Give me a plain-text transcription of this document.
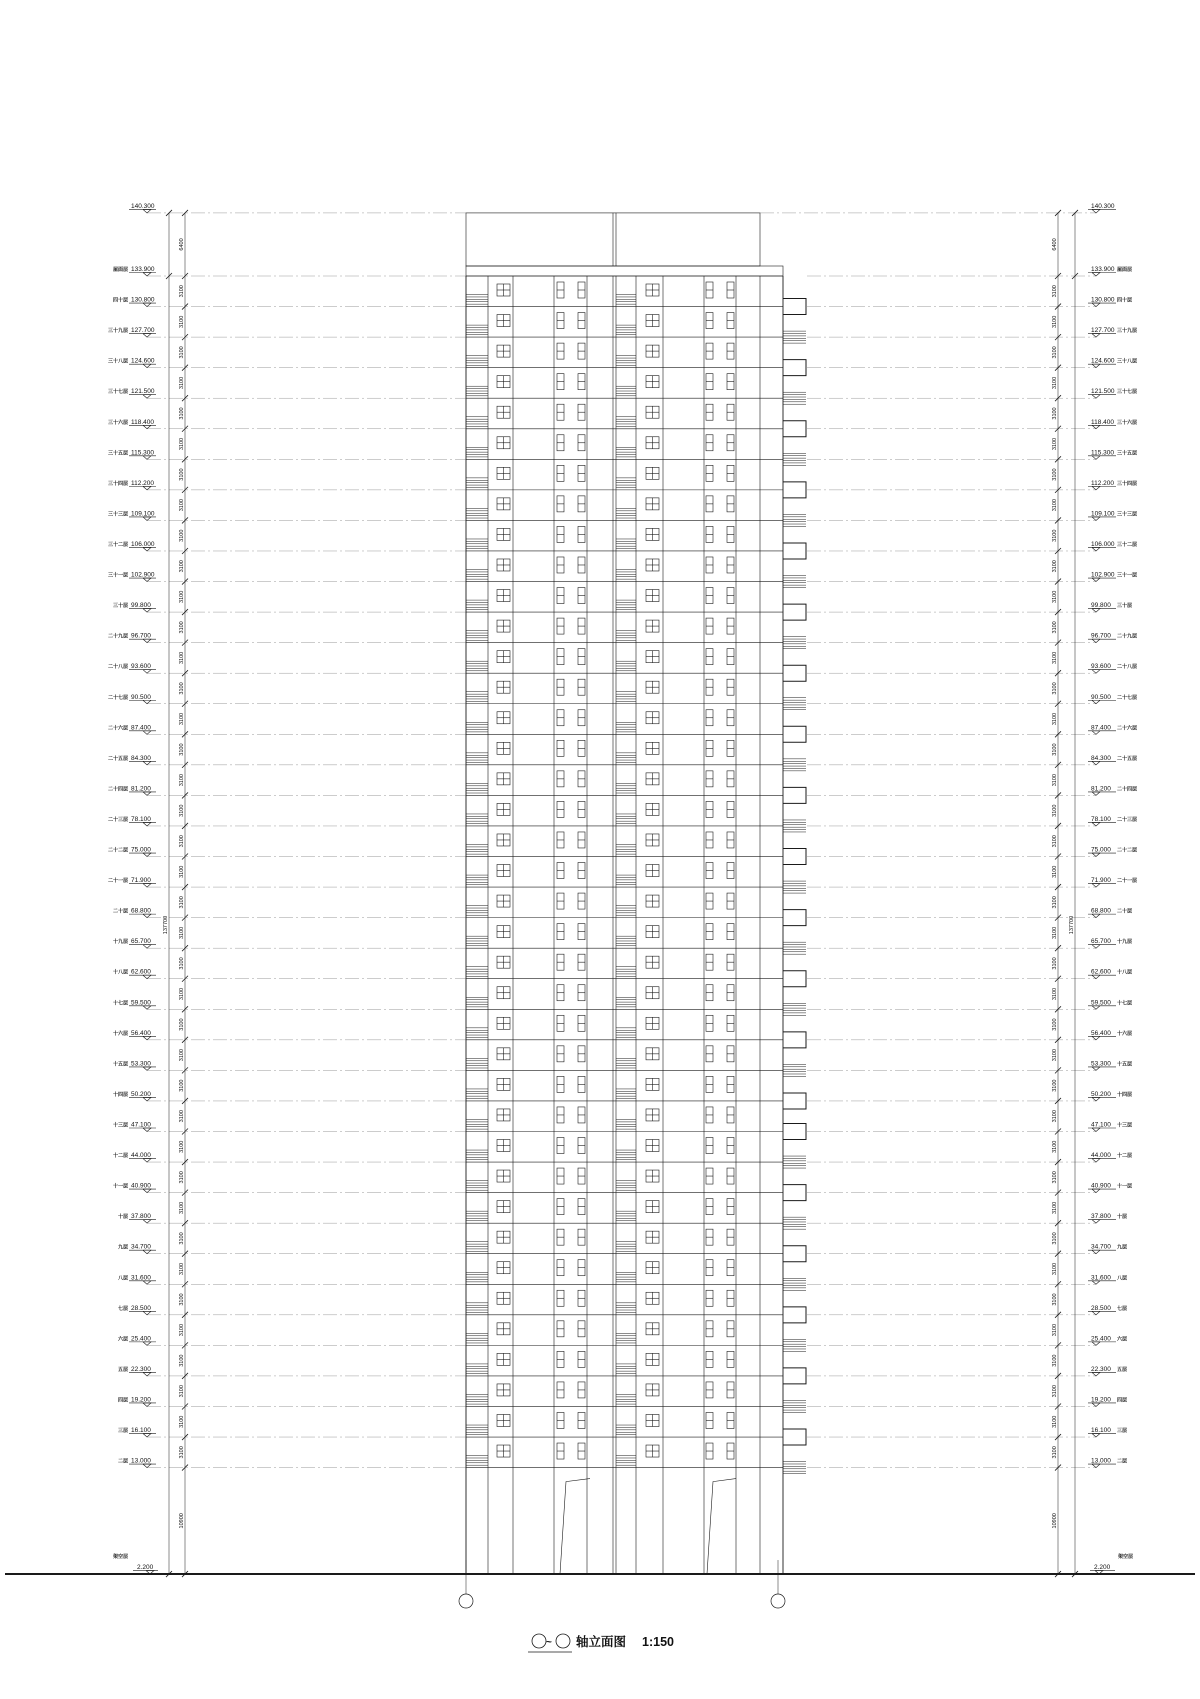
6400	6400
3100	3100
3100	3100
3100	3100
3100	3100
3100	3100
3100	3100
3100	3100
3100	3100
3100	3100
3100	3100
3100	3100
3100	3100
3100	3100
3100	3100
3100	3100
3100	3100
3100	3100
3100	3100
3100	3100
3100	3100
3100	3100
3100	3100
3100	3100
3100	3100
3100	3100
3100	3100
3100	3100
3100	3100
3100	3100
3100	3100
3100	3100
3100	3100
3100	3100
3100	3100
3100	3100
3100	3100
3100	3100
3100	3100
3100	3100
10900	10900
137700	137700
140.300
屋面层 133.900
四十层 130.800
三十九层 127.700
三十八层 124.600
三十七层 121.500
三十六层 118.400
三十五层 115.300
三十四层 112.200
三十三层 109.100
三十二层 106.000
三十一层 102.900
三十层 99.800
二十九层 96.700
二十八层 93.600
二十七层 90.500
二十六层 87.400
二十五层 84.300
二十四层 81.200
二十三层 78.100
二十二层 75.000
二十一层 71.900
二十层 68.800
十九层 65.700
十八层 62.600
十七层 59.500
十六层 56.400
十五层 53.300
十四层 50.200
十三层 47.100
十二层 44.000
十一层 40.900
十层 37.800
九层 34.700
八层 31.600
七层 28.500
六层 25.400
五层 22.300
四层 19.200
三层 16.100
二层 13.000
架空层
2.200
140.300
133.900 屋面层
130.800 四十层
127.700 三十九层
124.600 三十八层
121.500 三十七层
118.400 三十六层
115.300 三十五层
112.200 三十四层
109.100 三十三层
106.000 三十二层
102.900 三十一层
99.800 三十层
96.700 二十九层
93.600 二十八层
90.500 二十七层
87.400 二十六层
84.300 二十五层
81.200 二十四层
78.100 二十三层
75.000 二十二层
71.900 二十一层
68.800 二十层
65.700 十九层
62.600 十八层
59.500 十七层
56.400 十六层
53.300 十五层
50.200 十四层
47.100 十三层
44.000 十二层
40.900 十一层
37.800 十层
34.700 九层
31.600 八层
28.500 七层
25.400 六层
22.300 五层
19.200 四层
16.100 三层
13.000 二层
架空层
2.200
~ 轴立面图 1:150
